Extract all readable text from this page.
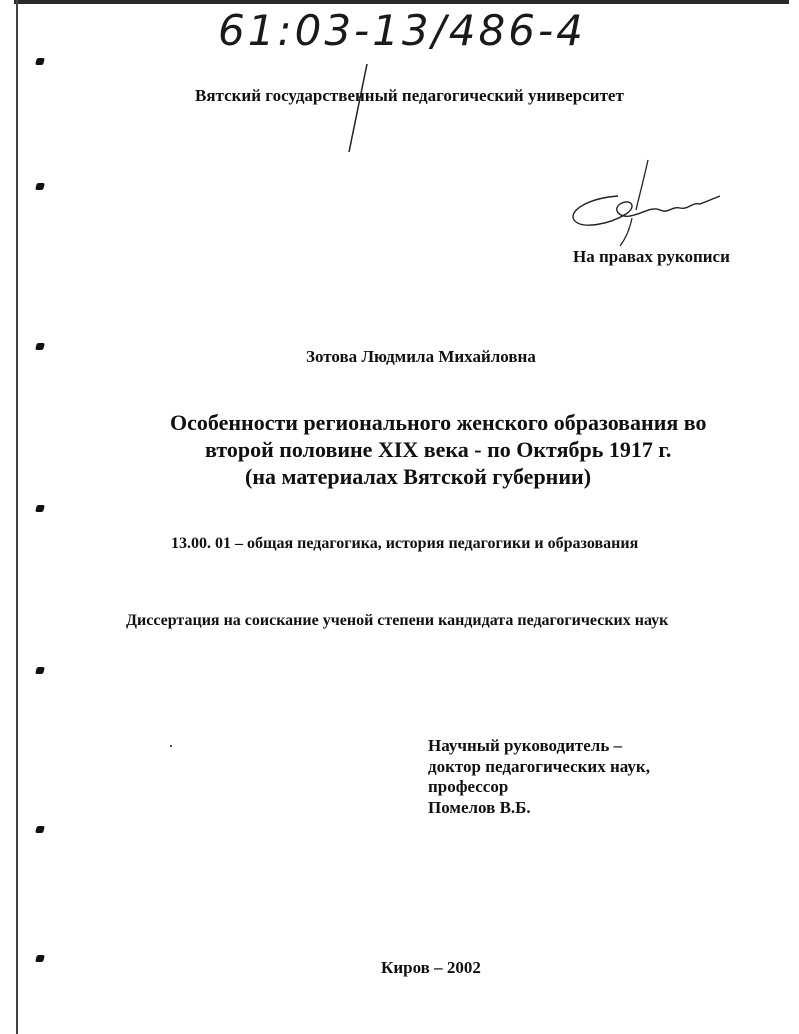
61:03-13/486-4
Вятский государственный педагогический университет
На правах рукописи
Зотова Людмила Михайловна
Особенности регионального женского образования во
второй половине XIX века - по Октябрь 1917 г.
(на материалах Вятской губернии)
13.00. 01 – общая педагогика, история педагогики и образования
Диссертация на соискание ученой степени кандидата педагогических наук
Научный руководитель –
доктор педагогических наук,
профессор
Помелов В.Б.
Киров – 2002
